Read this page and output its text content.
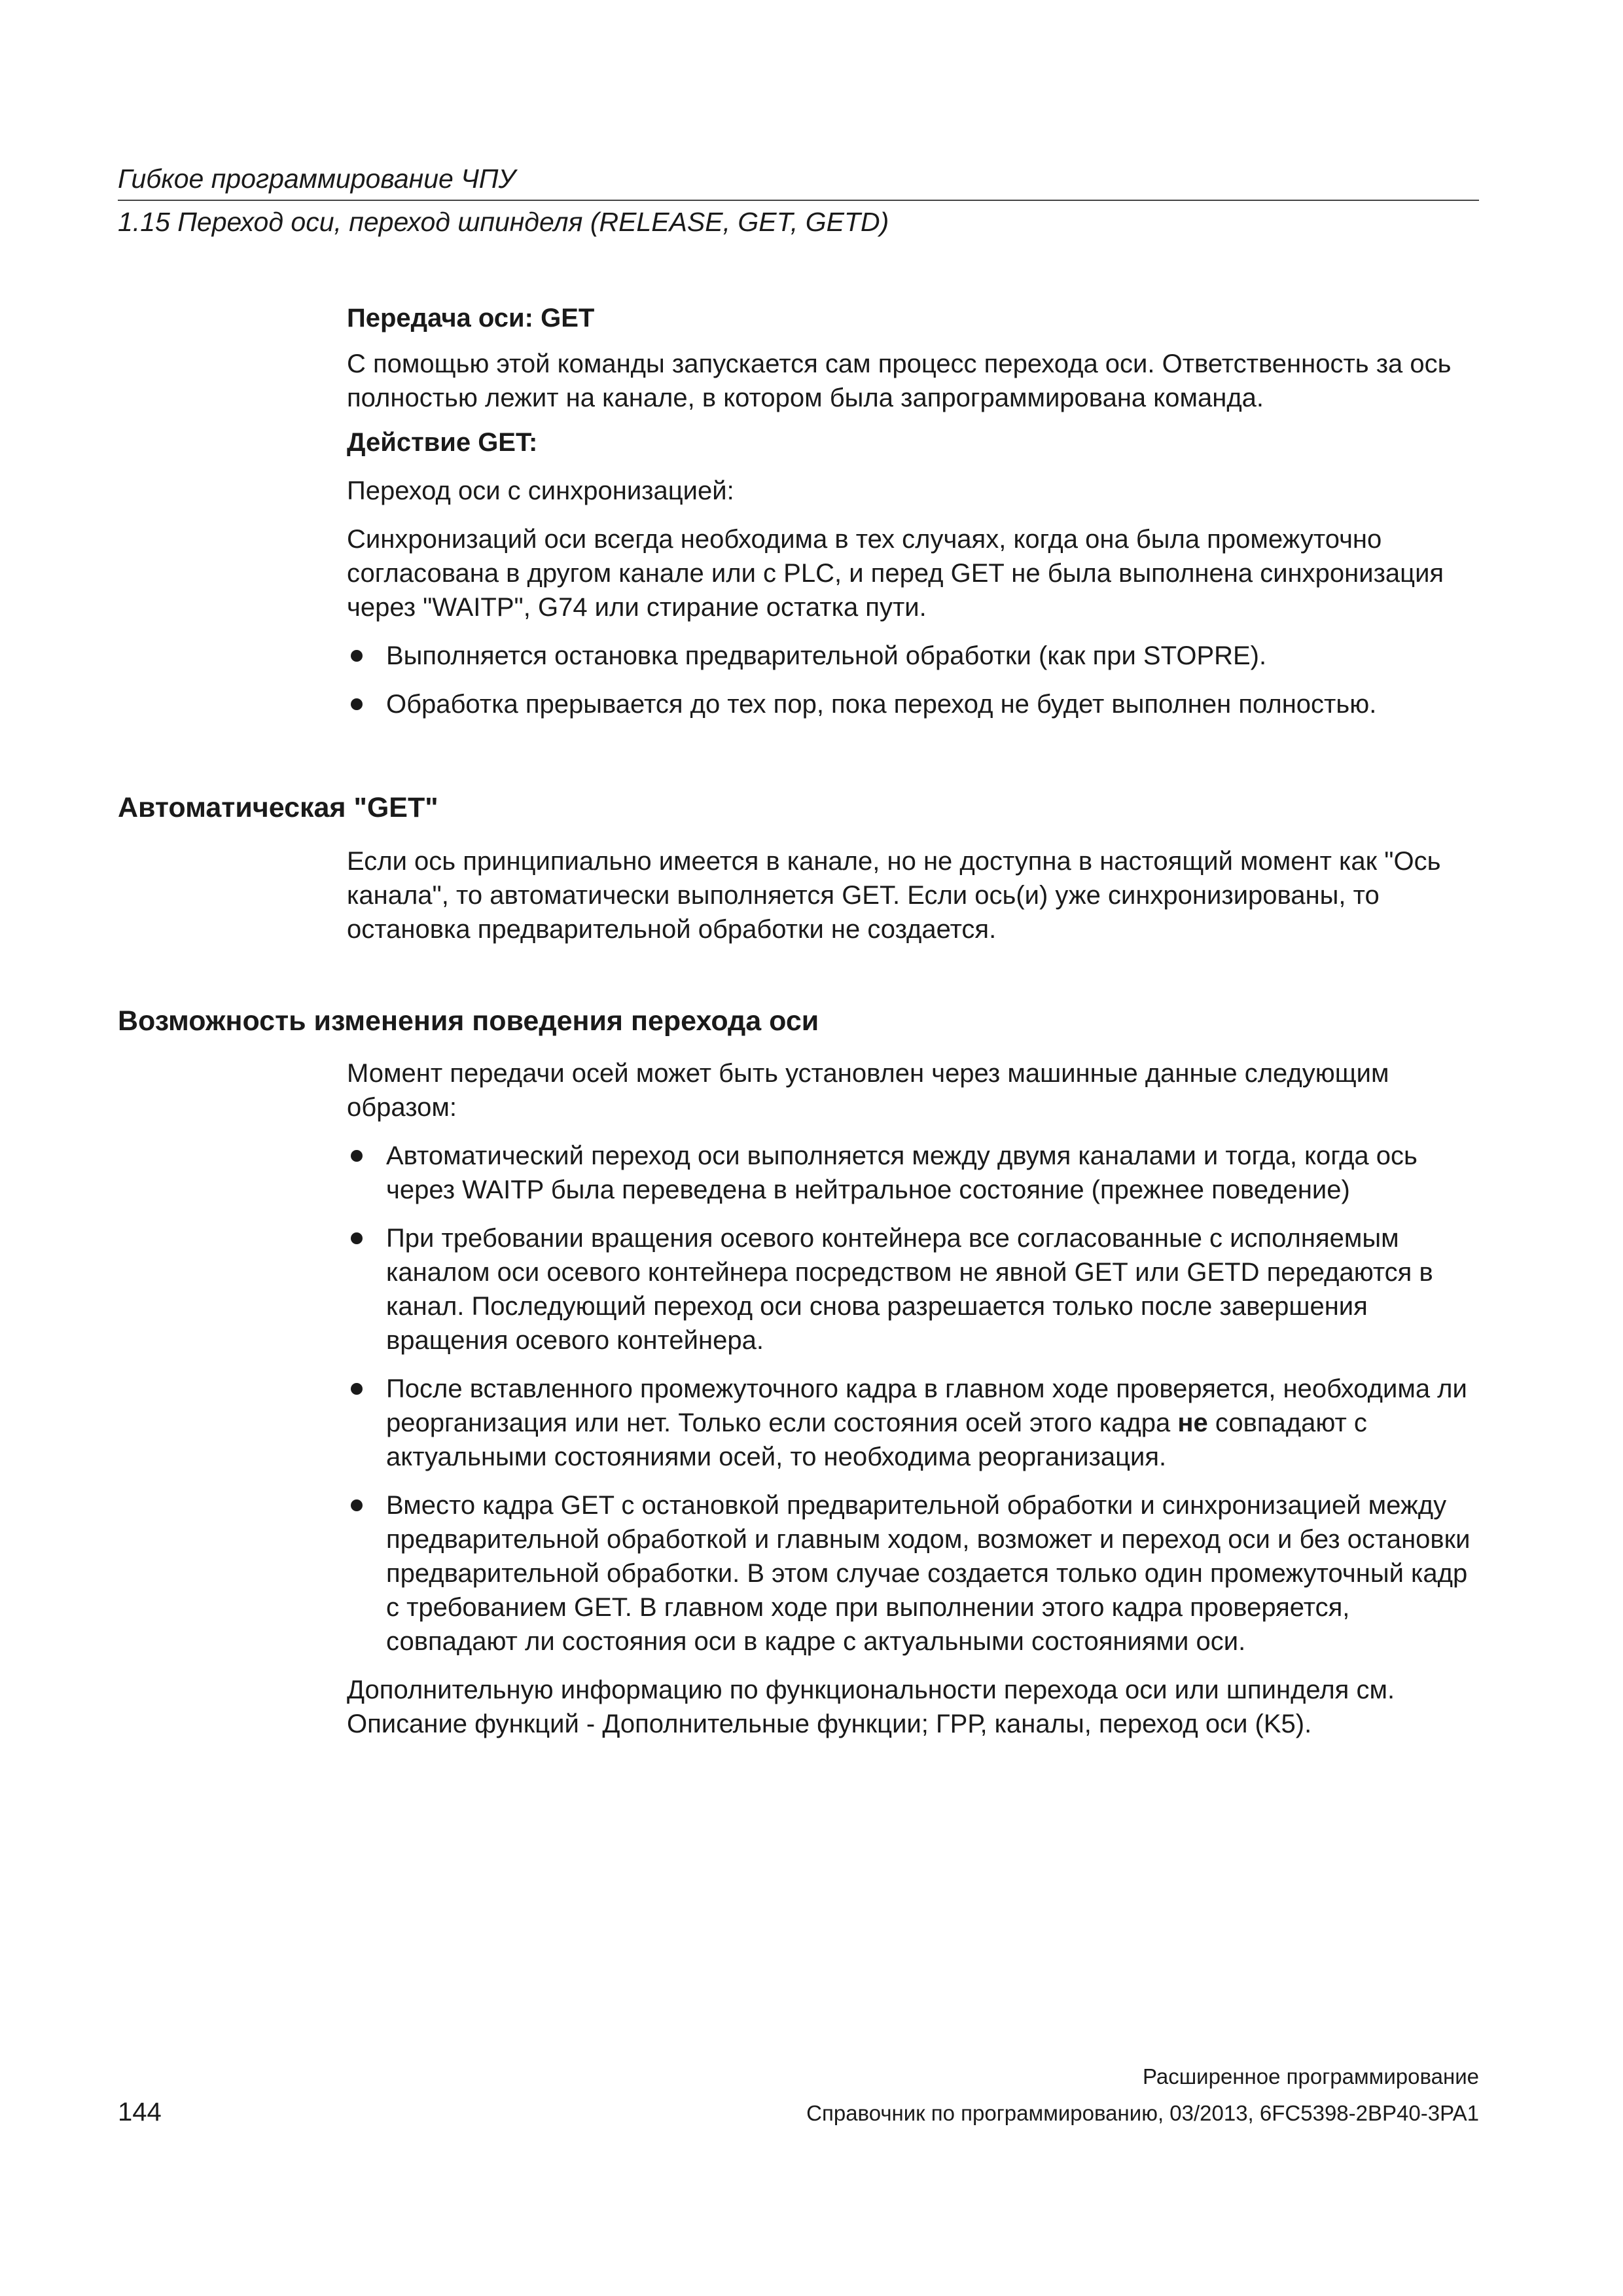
Гибкое программирование ЧПУ
1.15 Переход оси, переход шпинделя (RELEASE, GET, GETD)

Передача оси: GET

С помощью этой команды запускается сам процесс перехода оси. Ответственность за ось полностью лежит на канале, в котором была запрограммирована команда.

Действие GET:

Переход оси с синхронизацией:

Синхронизаций оси всегда необходима в тех случаях, когда она была промежуточно согласована в другом канале или с PLC, и перед GET не была выполнена синхронизация через "WAITP", G74 или стирание остатка пути.

Выполняется остановка предварительной обработки (как при STOPRE).
Обработка прерывается до тех пор, пока переход не будет выполнен полностью.
Автоматическая "GET"
Если ось принципиально имеется в канале, но не доступна в настоящий момент как "Ось канала", то автоматически выполняется GET. Если ось(и) уже синхронизированы, то остановка предварительной обработки не создается.
Возможность изменения поведения перехода оси

Момент передачи осей может быть установлен через машинные данные следующим образом:

Автоматический переход оси выполняется между двумя каналами и тогда, когда ось через WAITP была переведена в нейтральное состояние (прежнее поведение)
При требовании вращения осевого контейнера все согласованные с исполняемым каналом оси осевого контейнера посредством не явной GET или GETD передаются в канал. Последующий переход оси снова разрешается только после завершения вращения осевого контейнера.
После вставленного промежуточного кадра в главном ходе проверяется, необходима ли реорганизация или нет. Только если состояния осей этого кадра не совпадают с актуальными состояниями осей, то необходима реорганизация.
Вместо кадра GET с остановкой предварительной обработки и синхронизацией между предварительной обработкой и главным ходом, возможет и переход оси и без остановки предварительной обработки. В этом случае создается только один промежуточный кадр с требованием GET. В главном ходе при выполнении этого кадра проверяется, совпадают ли состояния оси в кадре с актуальными состояниями оси.

Дополнительную информацию по функциональности перехода оси или шпинделя см. Описание функций - Дополнительные функции; ГРР, каналы, переход оси (K5).

Расширенное программирование
144	Справочник по программированию, 03/2013, 6FC5398-2BP40-3PA1
